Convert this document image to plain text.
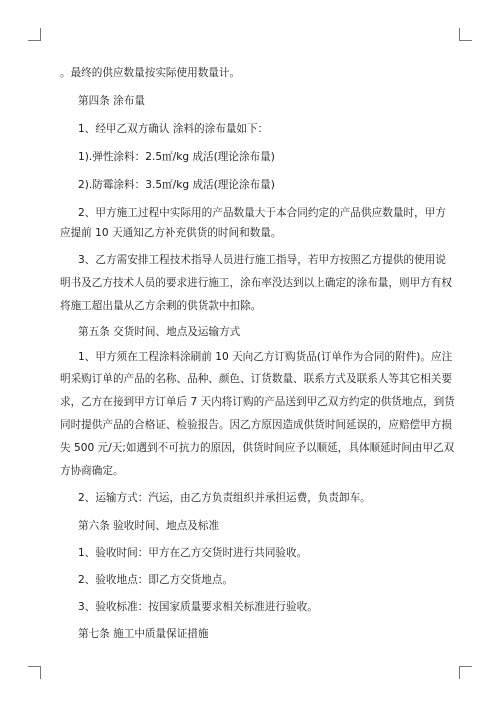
。最终的供应数量按实际使用数量计。
第四条 涂布量
1、经甲乙双方确认 涂料的涂布量如下：
1).弹性涂料：2.5㎡/kg 成活(理论涂布量)
2).防霉涂料：3.5㎡/kg 成活(理论涂布量)
2、甲方施工过程中实际用的产品数量大于本合同约定的产品供应数量时，甲方
应提前 10 天通知乙方补充供货的时间和数量。
3、乙方需安排工程技术指导人员进行施工指导，若甲方按照乙方提供的使用说
明书及乙方技术人员的要求进行施工，涂布率没达到以上确定的涂布量，则甲方有权
将施工超出量从乙方余剩的供货款中扣除。
第五条 交货时间、地点及运输方式
1、甲方须在工程涂料涂刷前 10 天向乙方订购货品(订单作为合同的附件)。应注
明采购订单的产品的名称、品种、颜色、订货数量、联系方式及联系人等其它相关要
求，乙方在接到甲方订单后 7 天内将订购的产品送到甲乙双方约定的供货地点，到货
同时提供产品的合格证、检验报告。因乙方原因造成供货时间延误的，应赔偿甲方损
失 500 元/天;如遇到不可抗力的原因，供货时间应予以顺延，具体顺延时间由甲乙双
方协商确定。
2、运输方式：汽运，由乙方负责组织并承担运费，负责卸车。
第六条 验收时间、地点及标准
1、验收时间：甲方在乙方交货时进行共同验收。
2、验收地点：即乙方交货地点。
3、验收标准：按国家质量要求相关标准进行验收。
第七条 施工中质量保证措施
